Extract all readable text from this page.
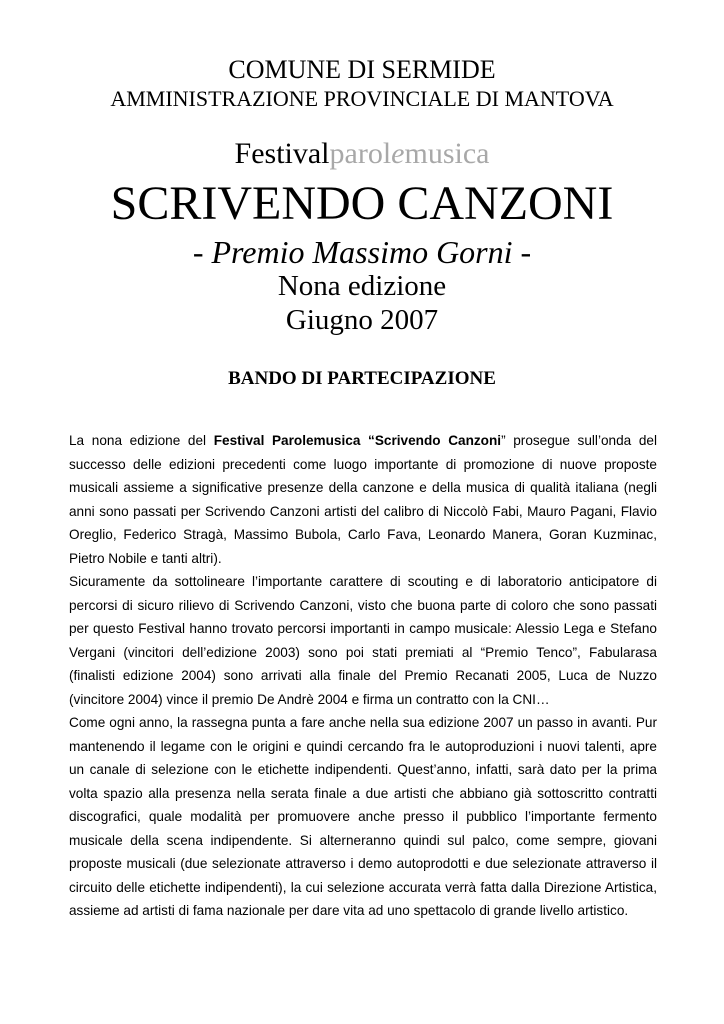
COMUNE DI SERMIDE
AMMINISTRAZIONE PROVINCIALE DI MANTOVA
Festivalparolemusica
SCRIVENDO CANZONI
- Premio Massimo Gorni -
Nona edizione
Giugno 2007
BANDO DI PARTECIPAZIONE

La nona edizione del Festival Parolemusica “Scrivendo Canzoni” prosegue sull’onda del successo delle edizioni precedenti come luogo importante di promozione di nuove proposte musicali assieme a significative presenze della canzone e della musica di qualità italiana (negli anni sono passati per Scrivendo Canzoni artisti del calibro di Niccolò Fabi, Mauro Pagani, Flavio Oreglio, Federico Stragà, Massimo Bubola, Carlo Fava, Leonardo Manera, Goran Kuzminac, Pietro Nobile e tanti altri).

Sicuramente da sottolineare l’importante carattere di scouting e di laboratorio anticipatore di percorsi di sicuro rilievo di Scrivendo Canzoni, visto che buona parte di coloro che sono passati per questo Festival hanno trovato percorsi importanti in campo musicale: Alessio Lega e Stefano Vergani (vincitori dell’edizione 2003) sono poi stati premiati al “Premio Tenco”, Fabularasa (finalisti edizione 2004) sono arrivati alla finale del Premio Recanati 2005, Luca de Nuzzo (vincitore 2004) vince il premio De Andrè 2004 e firma un contratto con la CNI…

Come ogni anno, la rassegna punta a fare anche nella sua edizione 2007 un passo in avanti. Pur mantenendo il legame con le origini e quindi cercando fra le autoproduzioni i nuovi talenti, apre un canale di selezione con le etichette indipendenti. Quest’anno, infatti, sarà dato per la prima volta spazio alla presenza nella serata finale a due artisti che abbiano già sottoscritto contratti discografici, quale modalità per promuovere anche presso il pubblico l’importante fermento musicale della scena indipendente. Si alterneranno quindi sul palco, come sempre, giovani proposte musicali (due selezionate attraverso i demo autoprodotti e due selezionate attraverso il circuito delle etichette indipendenti), la cui selezione accurata verrà fatta dalla Direzione Artistica, assieme ad artisti di fama nazionale per dare vita ad uno spettacolo di grande livello artistico.
